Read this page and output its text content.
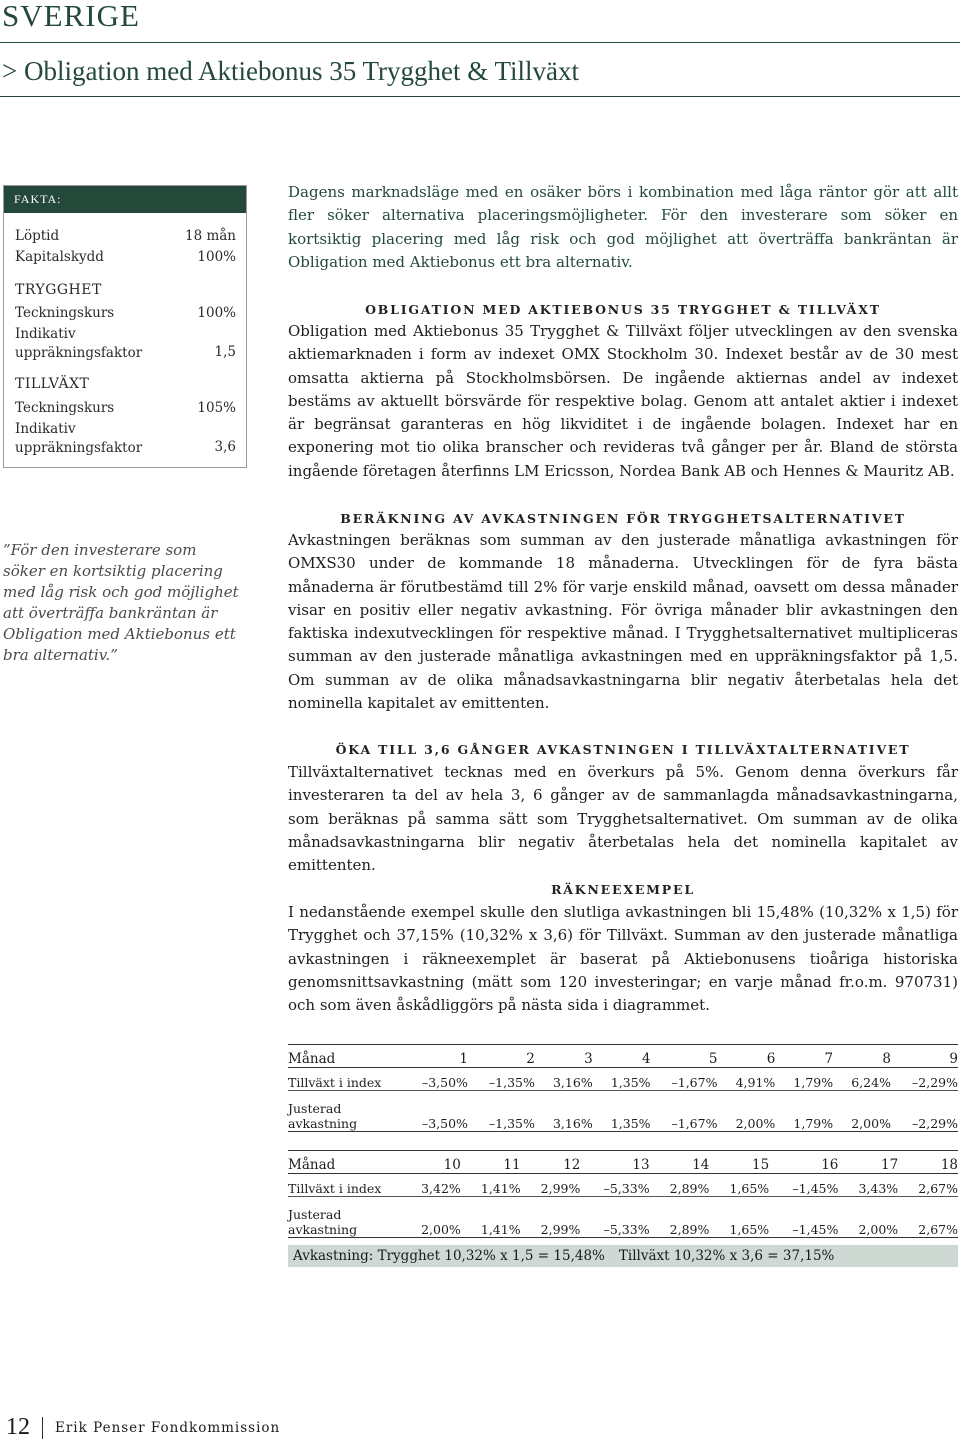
SVERIGE
> Obligation med Aktiebonus 35 Trygghet & Tillväxt
FAKTA:
Löptid	18 mån
Kapitalskydd	100%
TRYGGHET
Teckningskurs	100%
Indikativ
uppräkningsfaktor	1,5
TILLVÄXT
Teckningskurs	105%
Indikativ
uppräkningsfaktor	3,6
”För den investerare som söker en kortsiktig placering med låg risk och god möjlighet att överträffa bankräntan är Obligation med Aktiebonus ett bra alternativ.”
Dagens marknadsläge med en osäker börs i kombination med låga räntor gör att allt fler söker alternativa placeringsmöjligheter. För den investerare som söker en kortsiktig placering med låg risk och god möjlighet att överträffa bankräntan är Obligation med Aktiebonus ett bra alternativ.
OBLIGATION MED AKTIEBONUS 35 TRYGGHET & TILLVÄXT
Obligation med Aktiebonus 35 Trygghet & Tillväxt följer utvecklingen av den svenska aktiemarknaden i form av indexet OMX Stockholm 30. Indexet består av de 30 mest omsatta aktierna på Stockholmsbörsen. De ingående aktiernas andel av indexet bestäms av aktuellt börsvärde för respektive bolag. Genom att antalet aktier i indexet är begränsat garanteras en hög likviditet i de ingående bolagen. Indexet har en exponering mot tio olika branscher och revideras två gånger per år. Bland de största ingående företagen återfinns LM Ericsson, Nordea Bank AB och Hennes & Mauritz AB.
BERÄKNING AV AVKASTNINGEN FÖR TRYGGHETSALTERNATIVET
Avkastningen beräknas som summan av den justerade månatliga avkastningen för OMXS30 under de kommande 18 månaderna. Utvecklingen för de fyra bästa månaderna är förutbestämd till 2% för varje enskild månad, oavsett om dessa månader visar en positiv eller negativ avkastning. För övriga månader blir avkastningen den faktiska indexutvecklingen för respektive månad. I Trygghetsalternativet multipliceras summan av den justerade månatliga avkastningen med en uppräkningsfaktor på 1,5. Om summan av de olika månadsavkastningarna blir negativ återbetalas hela det nominella kapitalet av emittenten.
ÖKA TILL 3,6 GÅNGER AVKASTNINGEN I TILLVÄXTALTERNATIVET
Tillväxtalternativet tecknas med en överkurs på 5%. Genom denna överkurs får investeraren ta del av hela 3, 6 gånger av de sammanlagda månadsavkastningarna, som beräknas på samma sätt som Trygghetsalternativet. Om summan av de olika månadsavkastningarna blir negativ återbetalas hela det nominella kapitalet av emittenten.
RÄKNEEXEMPEL
I nedanstående exempel skulle den slutliga avkastningen bli 15,48% (10,32% x 1,5) för Trygghet och 37,15% (10,32% x 3,6) för Tillväxt. Summan av den justerade månatliga avkastningen i räkneexemplet är baserat på Aktiebonusens tioåriga historiska genomsnittsavkastning (mätt som 120 investeringar; en varje månad fr.o.m. 970731) och som även åskådliggörs på nästa sida i diagrammet.
Månad	1	2	3	4	5	6	7	8	9
Tillväxt i index	–3,50%	–1,35%	3,16%	1,35%	–1,67%	4,91%	1,79%	6,24%	–2,29%

Justerad
avkastning	–3,50%	–1,35%	3,16%	1,35%	–1,67%	2,00%	1,79%	2,00%	–2,29%
Månad	10	11	12	13	14	15	16	17	18
Tillväxt i index	3,42%	1,41%	2,99%	–5,33%	2,89%	1,65%	–1,45%	3,43%	2,67%

Justerad
avkastning	2,00%	1,41%	2,99%	–5,33%	2,89%	1,65%	–1,45%	2,00%	2,67%
Avkastning: Trygghet 10,32% x 1,5 = 15,48% Tillväxt 10,32% x 3,6 = 37,15%
12 Erik Penser Fondkommission
